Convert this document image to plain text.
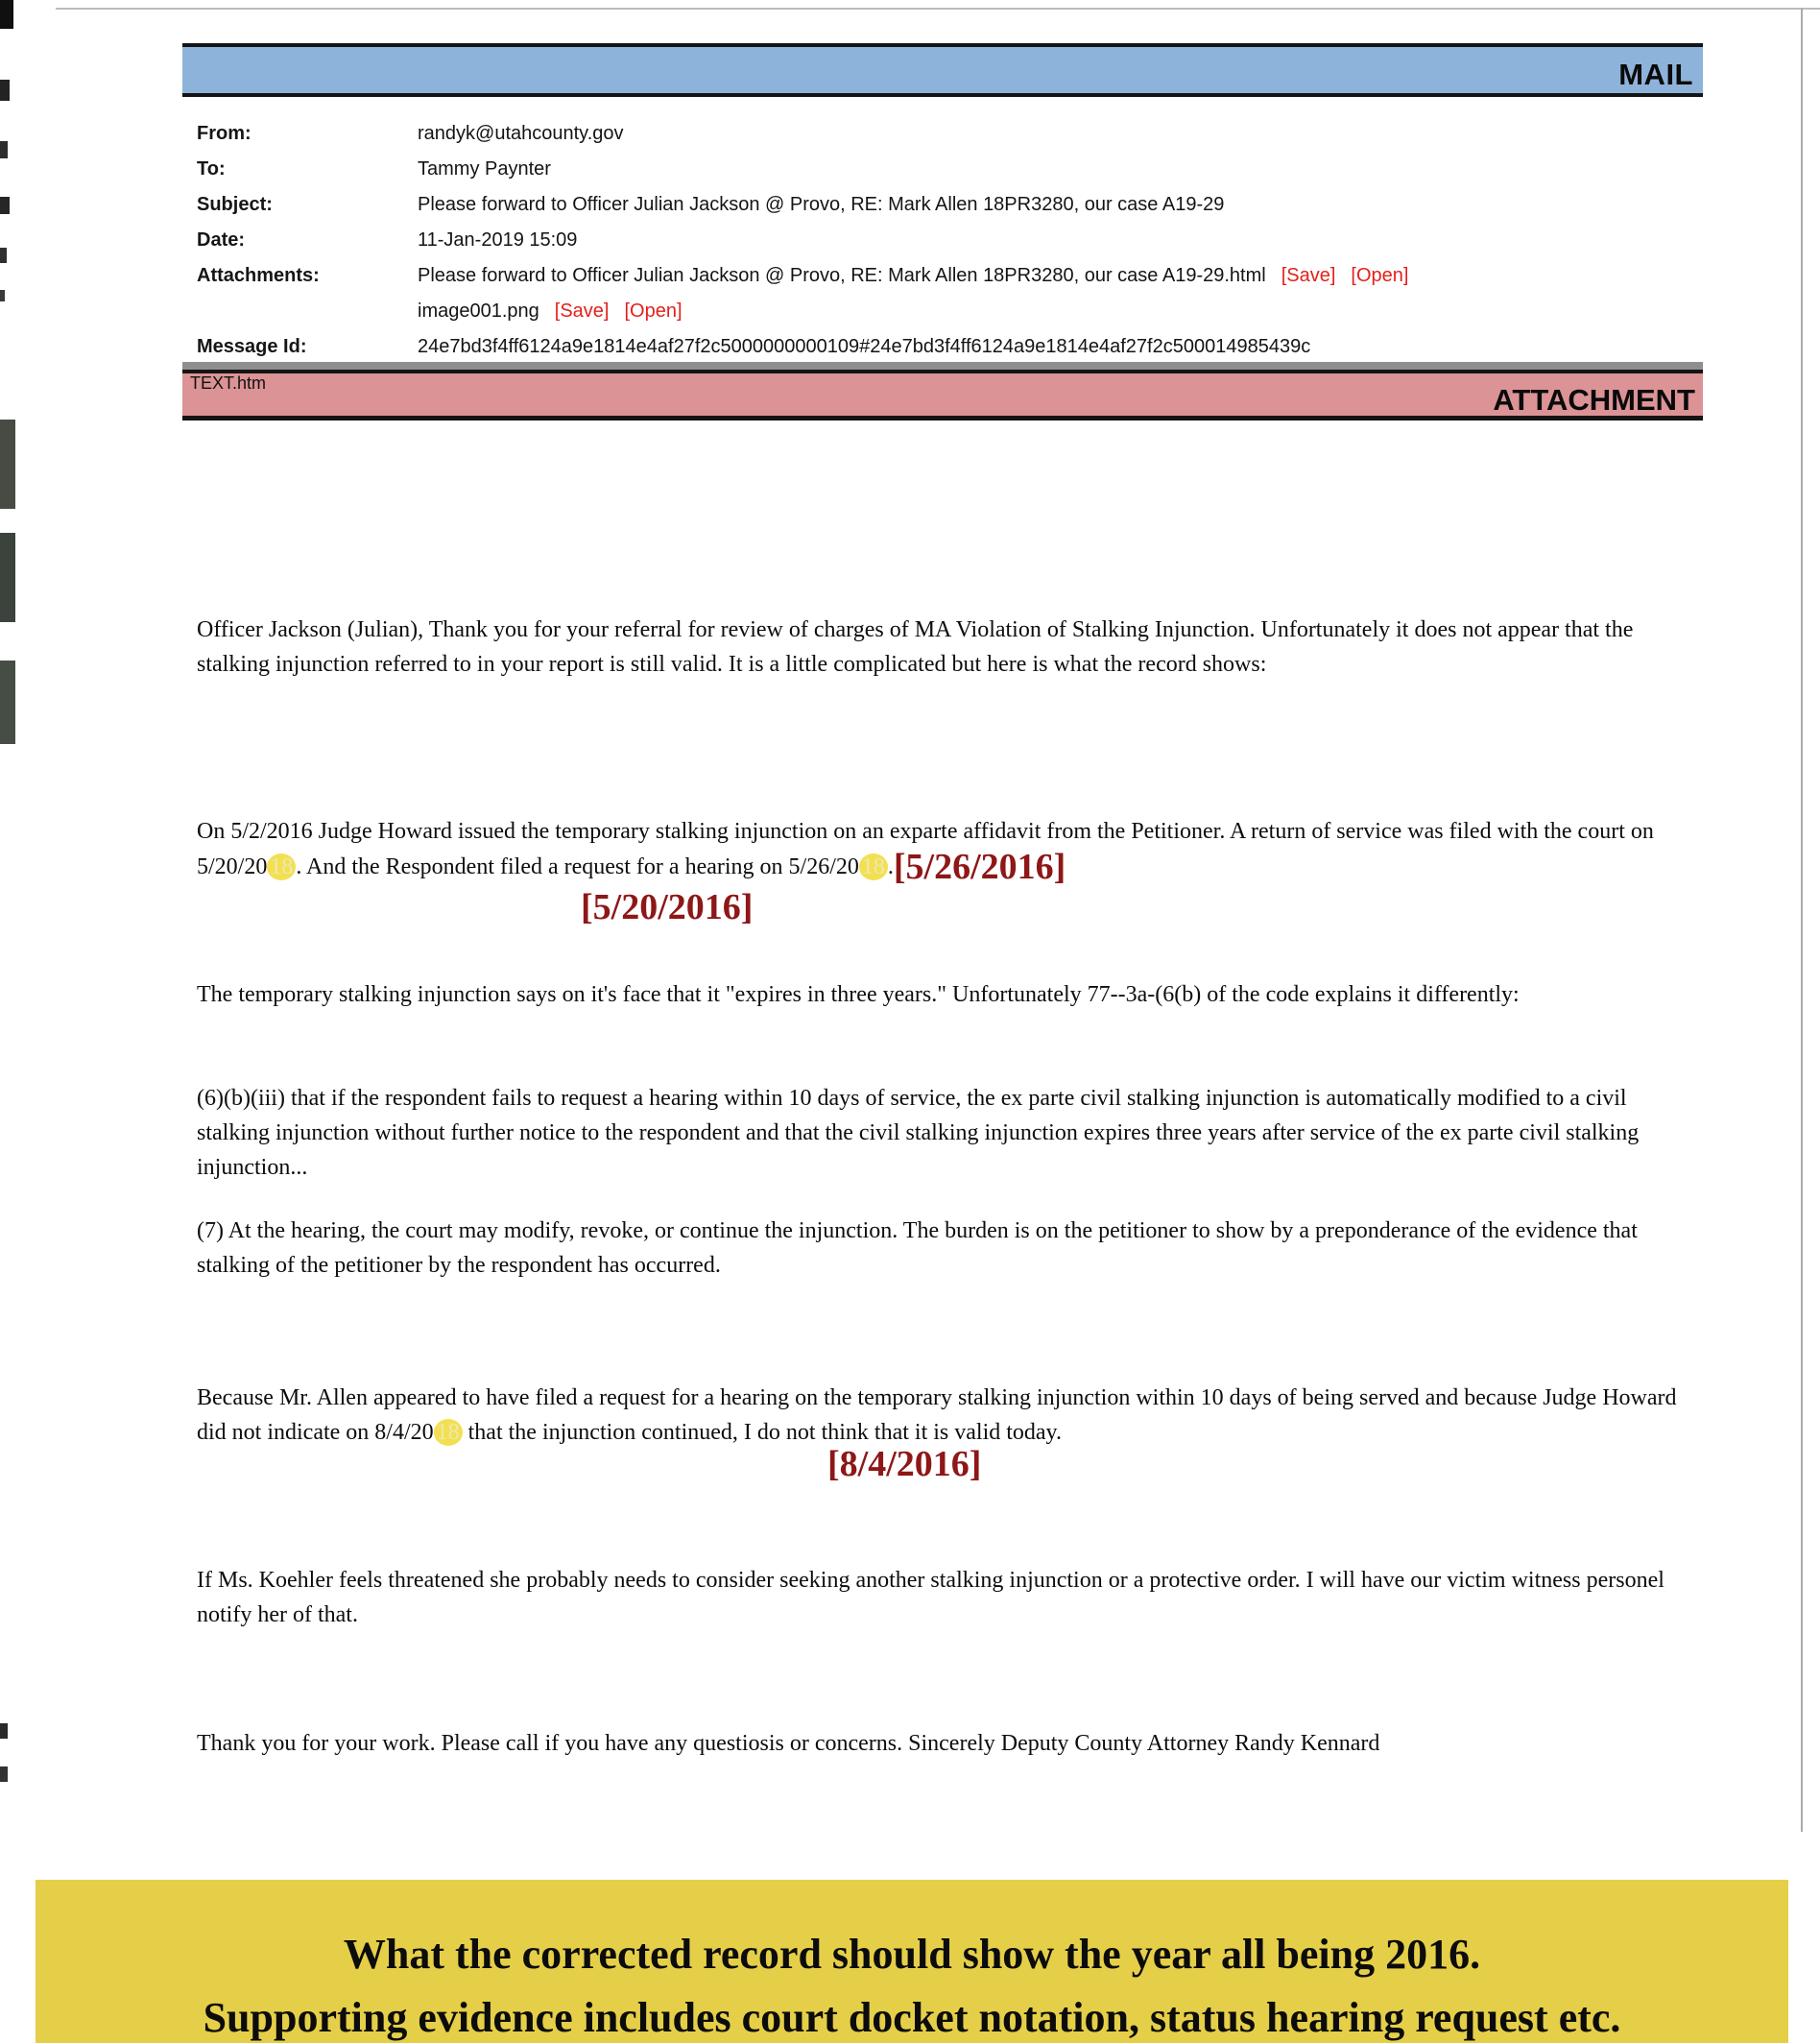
MAIL
From:	randyk@utahcounty.gov
To:	Tammy Paynter
Subject:	Please forward to Officer Julian Jackson @ Provo, RE: Mark Allen 18PR3280, our case A19-29
Date:	11-Jan-2019 15:09
Attachments:	Please forward to Officer Julian Jackson @ Provo, RE: Mark Allen 18PR3280, our case A19-29.html [Save] [Open]
image001.png [Save] [Open]
Message Id:	24e7bd3f4ff6124a9e1814e4af27f2c5000000000109#24e7bd3f4ff6124a9e1814e4af27f2c500014985439c
TEXT.htm	ATTACHMENT
Officer Jackson (Julian), Thank you for your referral for review of charges of MA Violation of Stalking Injunction. Unfortunately it does not appear that the stalking injunction referred to in your report is still valid. It is a little complicated but here is what the record shows:
On 5/2/2016 Judge Howard issued the temporary stalking injunction on an exparte affidavit from the Petitioner. A return of service was filed with the court on 5/20/20 18 . And the Respondent filed a request for a hearing on 5/26/20 18 .[5/26/2016]
[5/20/2016]
The temporary stalking injunction says on it's face that it "expires in three years." Unfortunately 77--3a-(6(b) of the code explains it differently:
(6)(b)(iii) that if the respondent fails to request a hearing within 10 days of service, the ex parte civil stalking injunction is automatically modified to a civil stalking injunction without further notice to the respondent and that the civil stalking injunction expires three years after service of the ex parte civil stalking injunction...
(7) At the hearing, the court may modify, revoke, or continue the injunction. The burden is on the petitioner to show by a preponderance of the evidence that stalking of the petitioner by the respondent has occurred.
Because Mr. Allen appeared to have filed a request for a hearing on the temporary stalking injunction within 10 days of being served and because Judge Howard did not indicate on 8/4/20 18 that the injunction continued, I do not think that it is valid today.
[8/4/2016]
If Ms. Koehler feels threatened she probably needs to consider seeking another stalking injunction or a protective order. I will have our victim witness personel notify her of that.
Thank you for your work. Please call if you have any questiosis or concerns. Sincerely Deputy County Attorney Randy Kennard
What the corrected record should show the year all being 2016.
Supporting evidence includes court docket notation, status hearing request etc.
